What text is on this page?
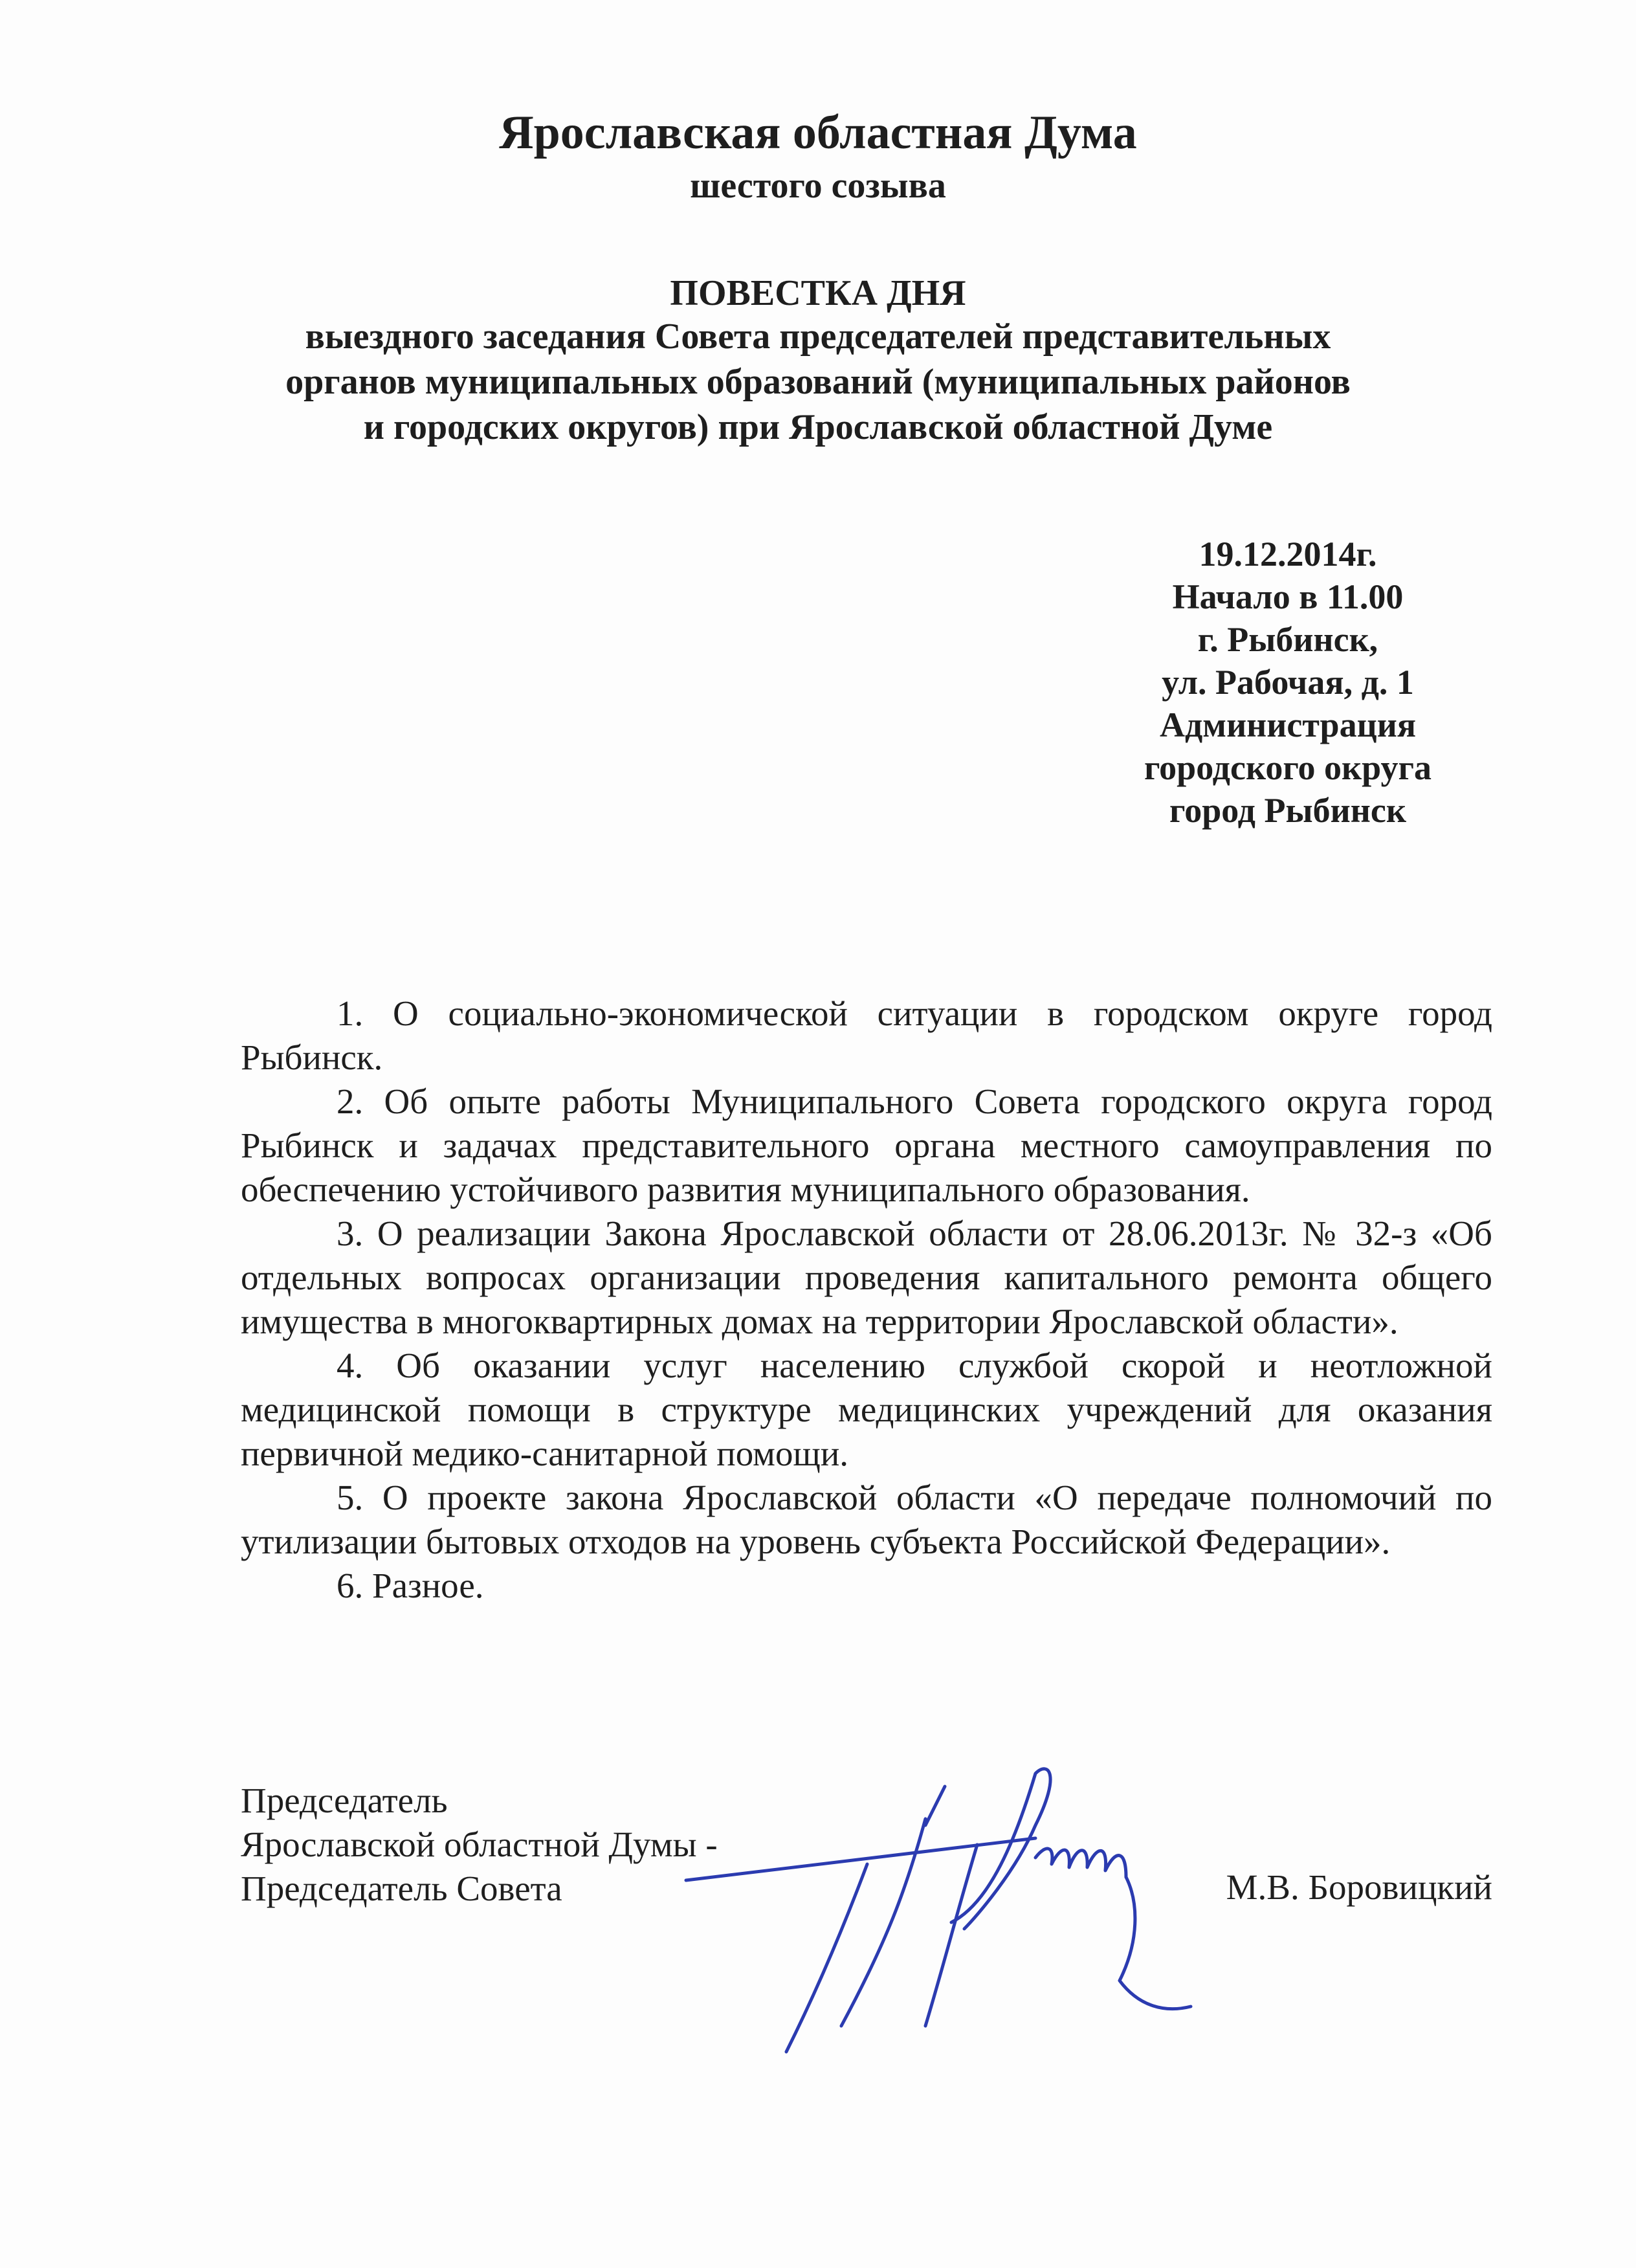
Ярославская областная Дума
шестого созыва
ПОВЕСТКА ДНЯ
выездного заседания Совета председателей представительных
органов муниципальных образований (муниципальных районов
и городских округов) при Ярославской областной Думе
19.12.2014г.
Начало в 11.00
г. Рыбинск,
ул. Рабочая, д. 1
Администрация
городского округа
город Рыбинск

1. О социально-экономической ситуации в городском округе город Рыбинск.

2. Об опыте работы Муниципального Совета городского округа город Рыбинск и задачах представительного органа местного самоуправления по обеспечению устойчивого развития муниципального образования.

3. О реализации Закона Ярославской области от 28.06.2013г. № 32-з «Об отдельных вопросах организации проведения капитального ремонта общего имущества в многоквартирных домах на территории Ярославской области».

4. Об оказании услуг населению службой скорой и неотложной медицинской помощи в структуре медицинских учреждений для оказания первичной медико-санитарной помощи.

5. О проекте закона Ярославской области «О передаче полномочий по утилизации бытовых отходов на уровень субъекта Российской Федерации».

6. Разное.

Председатель
Ярославской областной Думы -
Председатель Совета	М.В. Боровицкий
